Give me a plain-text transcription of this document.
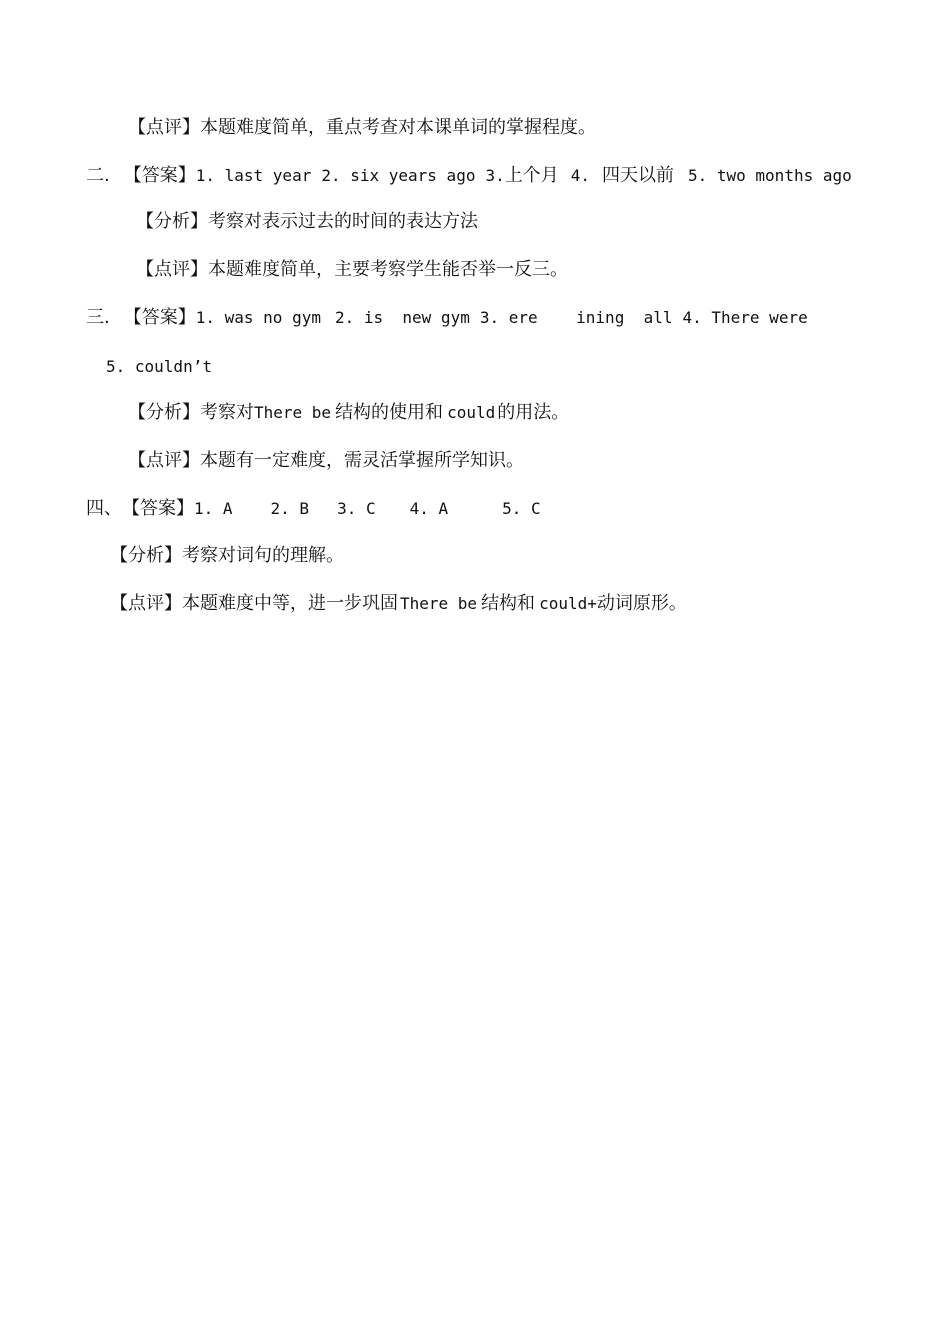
【点评】 本题难度简单，重点考查对本课单词的掌握程度。
二. 【答案】 1. last year 2. six years ago 3. 上个月 4. 四天以前 5. two months ago
【分析】 考察对表示过去的时间的表达方法
【点评】 本题难度简单，主要考察学生能否举一反三。
三. 【答案】 1. was no gym 2. is  new gym 3. ere    ining  all 4. There were
5. couldn’t
【分析】 考察对 There be 结构的使用和 could 的用法。
【点评】 本题有一定难度，需灵活掌握所学知识。
四、 【答案】 1. A 2. B 3. C 4. A	5. C
【分析】 考察对词句的理解。
【点评】 本题难度中等，进一步巩固 There be 结构和 could+ 动词原形。
